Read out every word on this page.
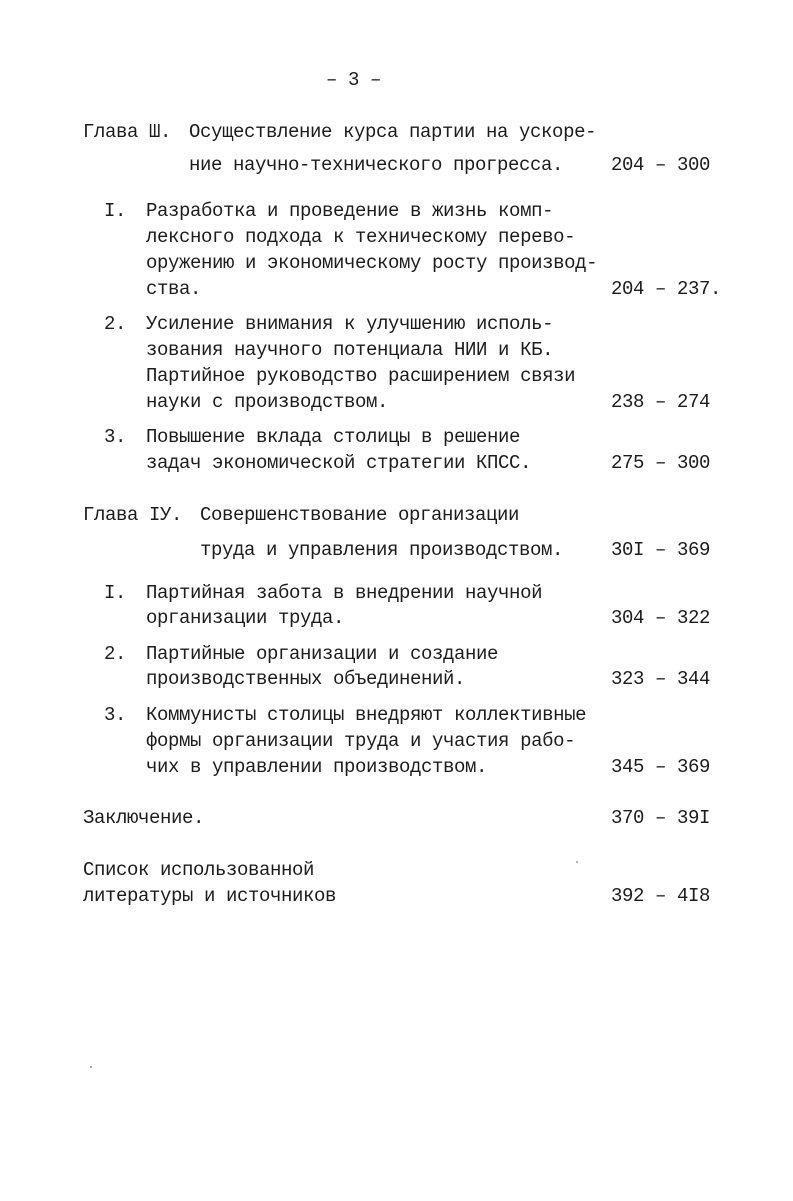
– 3 –
Глава Ш. Осуществление курса партии на ускоре-
ние научно-технического прогресса.	204 – 300
I. Разработка и проведение в жизнь комп-
лексного подхода к техническому перево-
оружению и экономическому росту производ-
ства.	204 – 237.
2. Усиление внимания к улучшению исполь-
зования научного потенциала НИИ и КБ.
Партийное руководство расширением связи
науки с производством.	238 – 274
3. Повышение вклада столицы в решение
задач экономической стратегии КПСС.	275 – 300
Глава IУ. Совершенствование организации
труда и управления производством.	30I – 369
I. Партийная забота в внедрении научной
организации труда.	304 – 322
2. Партийные организации и создание
производственных объединений.	323 – 344
3. Коммунисты столицы внедряют коллективные
формы организации труда и участия рабо-
чих в управлении производством.	345 – 369
Заключение.	370 – 39I
Список использованной
литературы и источников	392 – 4I8
